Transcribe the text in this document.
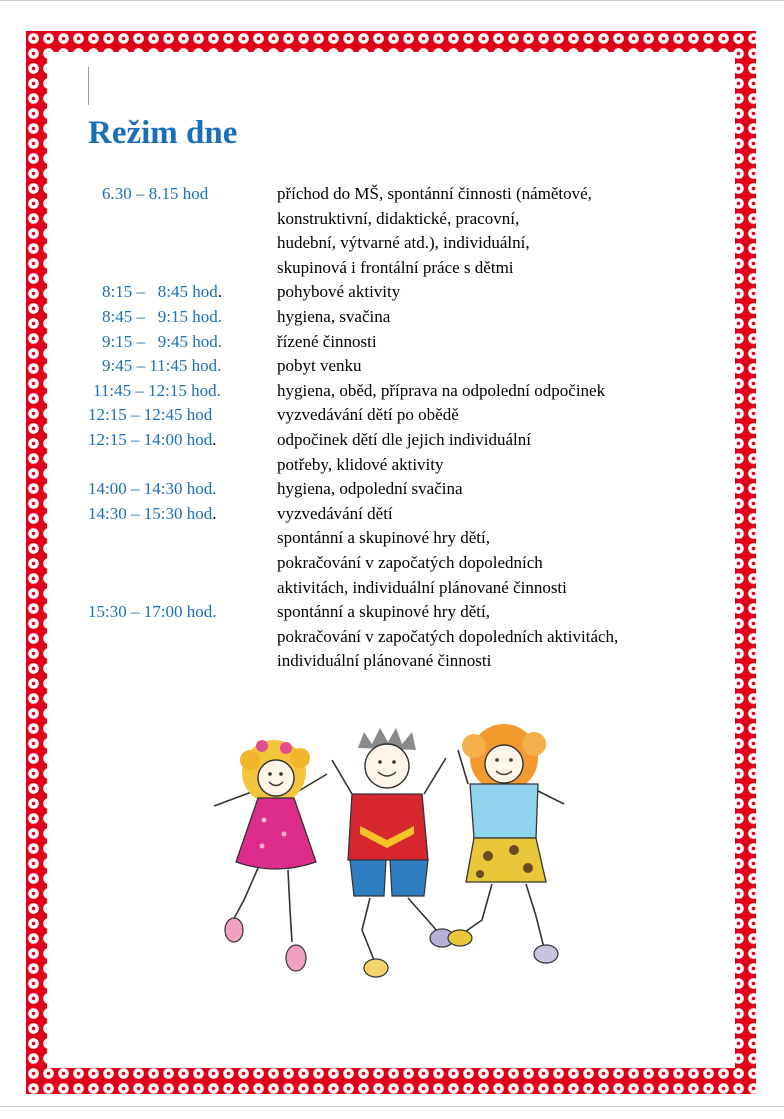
Režim dne
6.30 – 8.15 hod	příchod do MŠ, spontánní činnosti (námětové,
konstruktivní, didaktické, pracovní,
hudební, výtvarné atd.), individuální,
skupinová i frontální práce s dětmi
8:15 –   8:45 hod.	pohybové aktivity
8:45 –   9:15 hod.	hygiena, svačina
9:15 –   9:45 hod.	řízené činnosti
9:45 – 11:45 hod.	pobyt venku
11:45 – 12:15 hod.	hygiena, oběd, příprava na odpolední odpočinek
12:15 – 12:45 hod	vyzvedávání dětí po obědě
12:15 – 14:00 hod.	odpočinek dětí dle jejich individuální
potřeby, klidové aktivity
14:00 – 14:30 hod.	hygiena, odpolední svačina
14:30 – 15:30 hod.	vyzvedávání dětí
spontánní a skupinové hry dětí,
pokračování v započatých dopoledních
aktivitách, individuální plánované činnosti
15:30 – 17:00 hod.	spontánní a skupinové hry dětí,
pokračování v započatých dopoledních aktivitách,
individuální plánované činnosti
